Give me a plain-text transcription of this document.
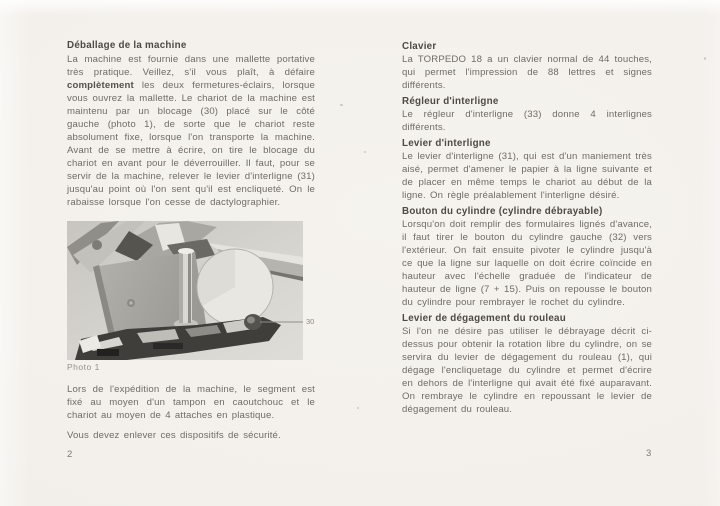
Déballage de la machine

La machine est fournie dans une mallette portative très pratique. Veillez, s'il vous plaît, à défaire complètement les deux fermetures-éclairs, lorsque vous ouvrez la mallette. Le chariot de la machine est maintenu par un blocage (30) placé sur le côté gauche (photo 1), de sorte que le chariot reste absolument fixe, lorsque l'on transporte la machine. Avant de se mettre à écrire, on tire le blocage du chariot en avant pour le déverrouiller. Il faut, pour se servir de la machine, relever le levier d'interligne (31) jusqu'au point où l'on sent qu'il est encliqueté. On le rabaisse lorsque l'on cesse de dactylographier.

30
Photo 1

Lors de l'expédition de la machine, le segment est fixé au moyen d'un tampon en caoutchouc et le chariot au moyen de 4 attaches en plastique.

Vous devez enlever ces dispositifs de sécurité.

2
Clavier

La TORPEDO 18 a un clavier normal de 44 touches, qui permet l'impression de 88 lettres et signes différents.

Régleur d'interligne

Le régleur d'interligne (33) donne 4 interlignes différents.

Levier d'interligne

Le levier d'interligne (31), qui est d'un maniement très aisé, permet d'amener le papier à la ligne suivante et de placer en même temps le chariot au début de la ligne. On règle préalablement l'interligne désiré.

Bouton du cylindre (cylindre débrayable)

Lorsqu'on doit remplir des formulaires lignés d'avance, il faut tirer le bouton du cylindre gauche (32) vers l'extérieur. On fait ensuite pivoter le cylindre jusqu'à ce que la ligne sur laquelle on doit écrire coïncide en hauteur avec l'échelle graduée de l'indicateur de hauteur de ligne (7 + 15). Puis on repousse le bouton du cylindre pour rembrayer le rochet du cylindre.

Levier de dégagement du rouleau

Si l'on ne désire pas utiliser le débrayage décrit ci-dessus pour obtenir la rotation libre du cylindre, on se servira du levier de dégagement du rouleau (1), qui dégage l'encliquetage du cylindre et permet d'écrire en dehors de l'interligne qui avait été fixé auparavant. On rembraye le cylindre en repoussant le levier de dégagement du rouleau.

3
